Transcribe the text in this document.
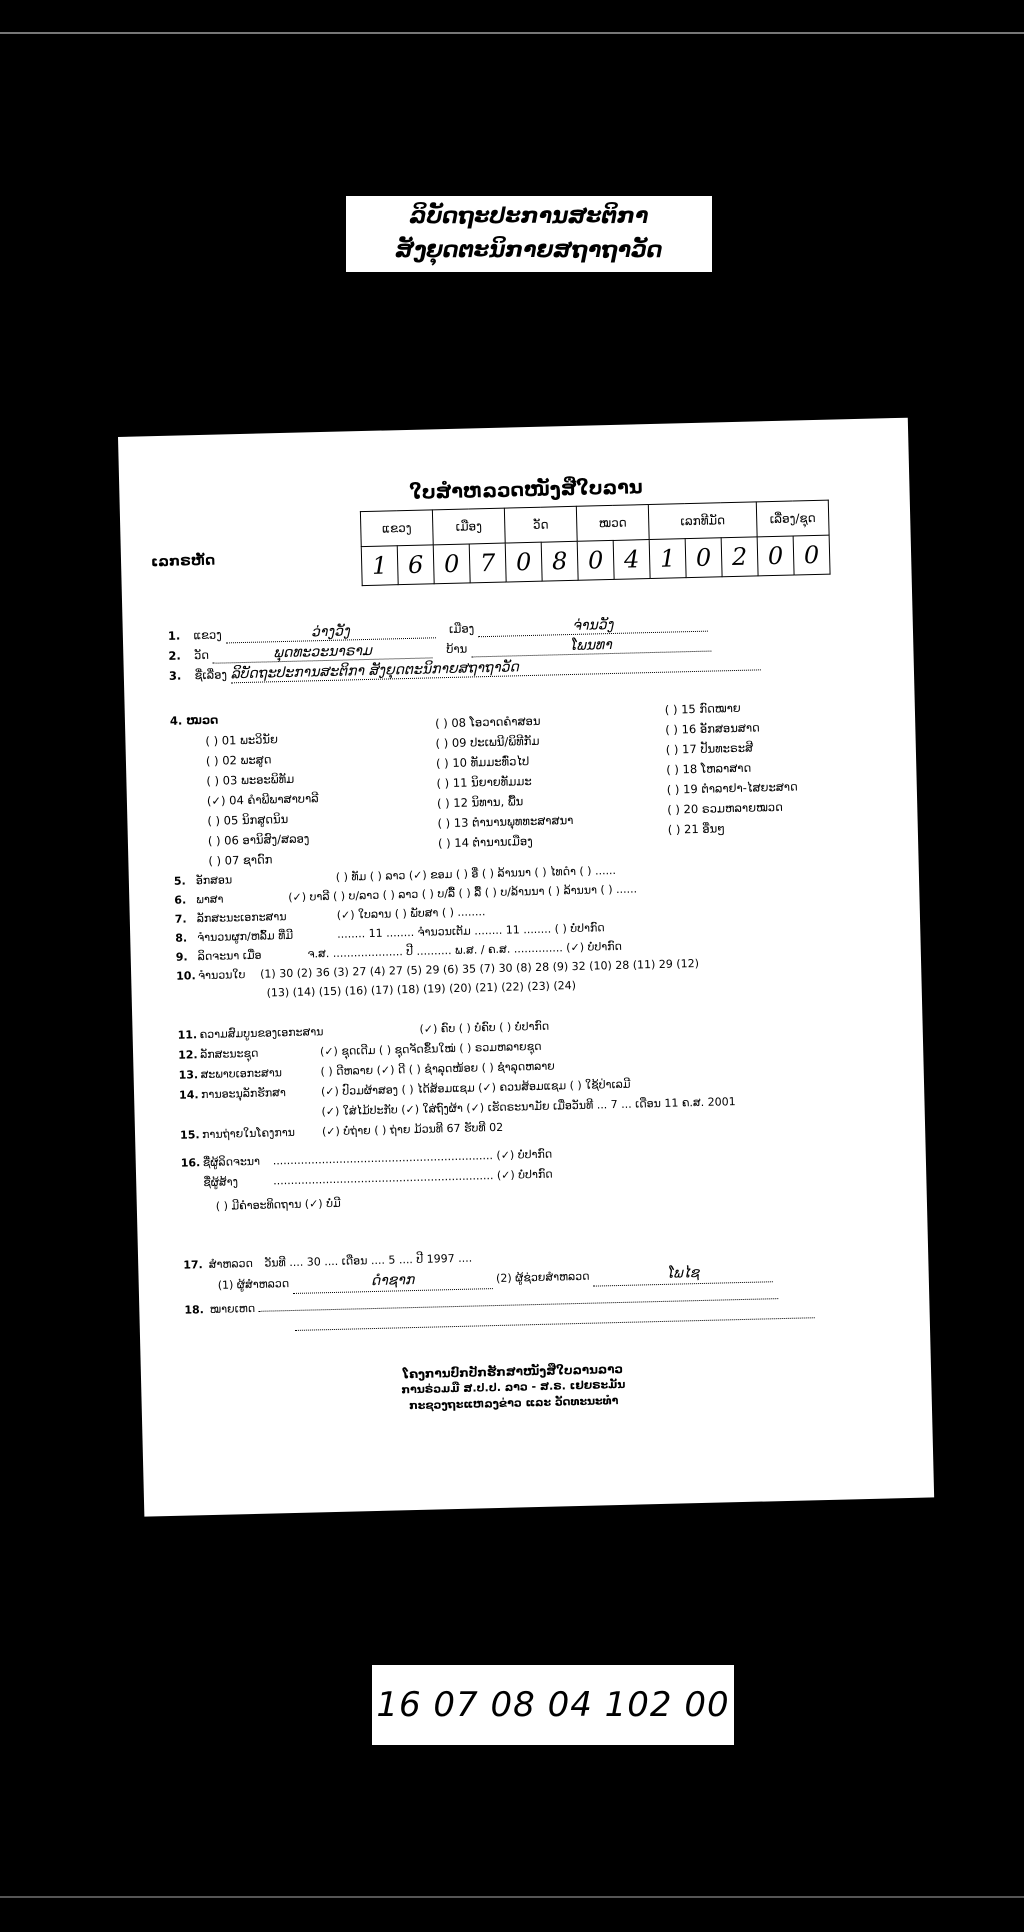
ລິບັດຖະປະການສະຕິກາ
ສັງຍຸດຕະນິກາຍສຖາຖາວັດ
ໃບສໍາຫລວດໜັງສືໃບລານ
ເລກຣຫັດ
ແຂວງ		ເມືອງ		ວັດ		ໝວດ		ເລກທີມັດ			ເລື່ອງ/ຊຸດ	
1	6	0	7	0	8	0	4	1	0	2	0	0
1. ແຂວງ	ວ່າງວັງ	ເມືອງ	ຈ່ານວັງ
2. ວັດ	ພຸດທະວະນາຣາມ	ບ້ານ	ໂພນທາ
3. ຊື່ເລື່ອງ ລິບັດຖະປະການສະຕິກາ ສັງຍຸດຕະນິກາຍສຖາຖາວັດ
4. ໝວດ
( ) 01 ພະວິນັຍ
( ) 02 ພະສູດ
( ) 03 ພະອະພິທັມ
(✓) 04 ຄໍາພີພາສາບາລີ
( ) 05 ນິກສູດນິນ
( ) 06 ອານິສົງ/ສລອງ
( ) 07 ຊາດົກ
( ) 08 ໂອວາດຄໍາສອນ
( ) 09 ປະເພນີ/ພິທີກັມ
( ) 10 ທັມມະທົ່ວໄປ
( ) 11 ນິຍາຍທັມມະ
( ) 12 ນິທານ, ພື້ນ
( ) 13 ຕໍານານພຸທທະສາສນາ
( ) 14 ຕໍານານເມືອງ
( ) 15 ກົດໝາຍ
( ) 16 ອັກສອນສາດ
( ) 17 ປັນທະຣະສີ
( ) 18 ໂຫລາສາດ
( ) 19 ຕໍາລາຢາ-ໄສຍະສາດ
( ) 20 ຣວມຫລາຍໝວດ
( ) 21 ອື່ນໆ
5. ອັກສອນ	( ) ທັມ ( ) ລາວ (✓) ຂອມ ( ) ອື່ ( ) ລ້ານນາ ( ) ໄທດໍາ ( ) ......
6. ພາສາ	(✓) ບາລີ ( ) ບ/ລາວ ( ) ລາວ ( ) ບ/ລື້ ( ) ລື້ ( ) ບ/ລ້ານນາ ( ) ລ້ານນາ ( ) ......
7. ລັກສະນະເອກະສານ	(✓) ໃບລານ ( ) ພັບສາ ( ) ........
8. ຈໍານວນຜູກ/ຫລົ້ມ ທີ່ມີ	........ 11 ........ ຈໍານວນເຕັມ ........ 11 ........ ( ) ບໍ່ປາກົດ
9. ລິດຈະນາ ເມື່ອ	ຈ.ສ. .................... ປີ .......... ພ.ສ. / ຄ.ສ. .............. (✓) ບໍ່ປາກົດ
10. ຈໍານວນໃບ (1) 30 (2) 36 (3) 27 (4) 27 (5) 29 (6) 35 (7) 30 (8) 28 (9) 32 (10) 28 (11) 29 (12)
(13) (14) (15) (16) (17) (18) (19) (20) (21) (22) (23) (24)
11. ຄວາມສົມບູນຂອງເອກະສານ	(✓) ຄົບ ( ) ບໍ່ຄົບ ( ) ບໍ່ປາກົດ
12. ລັກສະນະຊຸດ	(✓) ຊຸດເດີມ ( ) ຊຸດຈັດຂຶ້ນໃໝ່ ( ) ຣວມຫລາຍຊຸດ
13. ສະພາບເອກະສານ	( ) ດີຫລາຍ (✓) ດີ ( ) ຊໍາລຸດໜ້ອຍ ( ) ຊໍາລຸດຫລາຍ
14. ການອະນຸລັກຮັກສາ	(✓) ປົວມຜ້າສອງ ( ) ໄດ້ສ້ອມແຊມ (✓) ຄວນສ້ອມແຊມ ( ) ໃຊ້ປ່າເລມີ
(✓) ໃສ່ໄມ້ປະກັບ (✓) ໃສ່ຖົງຜ້າ (✓) ເຮັດຣະນາມັຍ ເມື່ອວັນທີ ... 7 ... ເດືອນ 11 ຄ.ສ. 2001
15. ການຖ່າຍໃນໂຄງການ (✓) ບໍ່ຖ່າຍ ( ) ຖ່າຍ ມ້ວນທີ 67 ຮັບທີ 02
16. ຊື່ຜູ້ລິດຈະນາ ............................................................... (✓) ບໍ່ປາກົດ
ຊື່ຜູ້ສ້າງ	............................................................... (✓) ບໍ່ປາກົດ
( ) ມີຄໍາອະທິດຖານ (✓) ບໍ່ມີ
17. ສໍາຫລວດ ວັນທີ .... 30 .... ເດືອນ .... 5 .... ປີ 1997 ....
(1) ຜູ້ສໍາຫລວດ	ດໍາຊາກ	(2) ຜູ້ຊ່ວຍສໍາຫລວດ	ໂພໄຊ
18. ໝາຍເຫດ
ໂຄງການປົກປັກຮັກສາໜັງສືໃບລານລາວ
ການຣ່ວມມື ສ.ປ.ປ. ລາວ - ສ.ຣ. ເຢຍຣະມັນ
ກະຊວງຖະແຫລງຂ່າວ ແລະ ວັດທະນະທໍາ
16 07 08 04 102 00
